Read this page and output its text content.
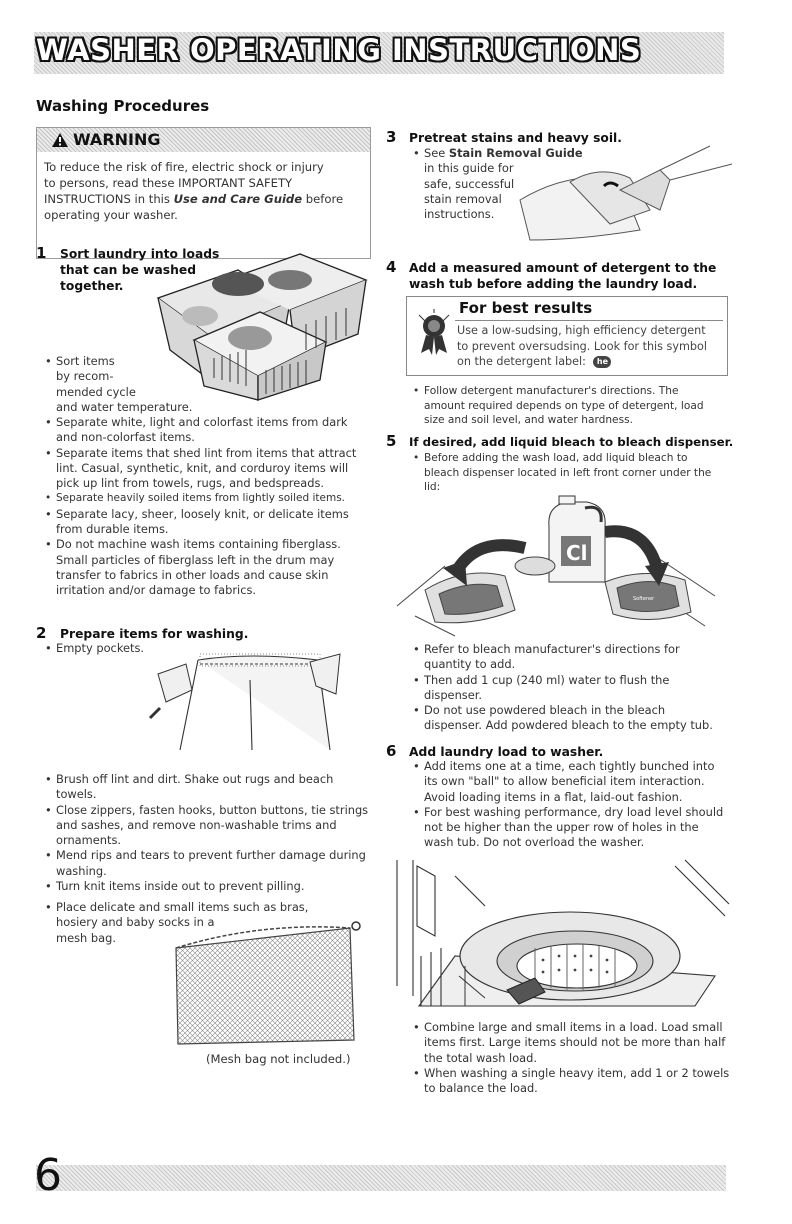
WASHER OPERATING INSTRUCTIONS
Washing Procedures
WARNING
To reduce the risk of fire, electric shock or injury
to persons, read these IMPORTANT SAFETY
INSTRUCTIONS in this Use and Care Guide before
operating your washer.
1 Sort laundry into loads
that can be washed
together.
• Sort items
by recom-
mended cycle
and water temperature.
• Separate white, light and colorfast items from dark and non-colorfast items.
• Separate items that shed lint from items that attract lint. Casual, synthetic, knit, and corduroy items will pick up lint from towels, rugs, and bedspreads.
• Separate heavily soiled items from lightly soiled items.
• Separate lacy, sheer, loosely knit, or delicate items from durable items.
• Do not machine wash items containing fiberglass. Small particles of fiberglass left in the drum may transfer to fabrics in other loads and cause skin irritation and/or damage to fabrics.
2 Prepare items for washing.
• Empty pockets.
• Brush off lint and dirt. Shake out rugs and beach towels.
• Close zippers, fasten hooks, button buttons, tie strings and sashes, and remove non-washable trims and ornaments.
• Mend rips and tears to prevent further damage during washing.
• Turn knit items inside out to prevent pilling.
• Place delicate and small items such as bras,
hosiery and baby socks in a
mesh bag.
(Mesh bag not included.)
3 Pretreat stains and heavy soil.
• See Stain Removal Guide
in this guide for
safe, successful
stain removal
instructions.
4 Add a measured amount of detergent to the
wash tub before adding the laundry load.
For best results
Use a low-sudsing, high efficiency detergent to prevent oversudsing. Look for this symbol on the detergent label: he
• Follow detergent manufacturer's directions. The amount required depends on type of detergent, load size and soil level, and water hardness.
5 If desired, add liquid bleach to bleach dispenser.
• Before adding the wash load, add liquid bleach to bleach dispenser located in left front corner under the lid:
Cl
Softener
• Refer to bleach manufacturer's directions for quantity to add.
• Then add 1 cup (240 ml) water to flush the dispenser.
• Do not use powdered bleach in the bleach dispenser. Add powdered bleach to the empty tub.
6 Add laundry load to washer.
• Add items one at a time, each tightly bunched into its own "ball" to allow beneficial item interaction. Avoid loading items in a flat, laid-out fashion.
• For best washing performance, dry load level should not be higher than the upper row of holes in the wash tub. Do not overload the washer.
• Combine large and small items in a load. Load small items first. Large items should not be more than half the total wash load.
• When washing a single heavy item, add 1 or 2 towels to balance the load.
6
